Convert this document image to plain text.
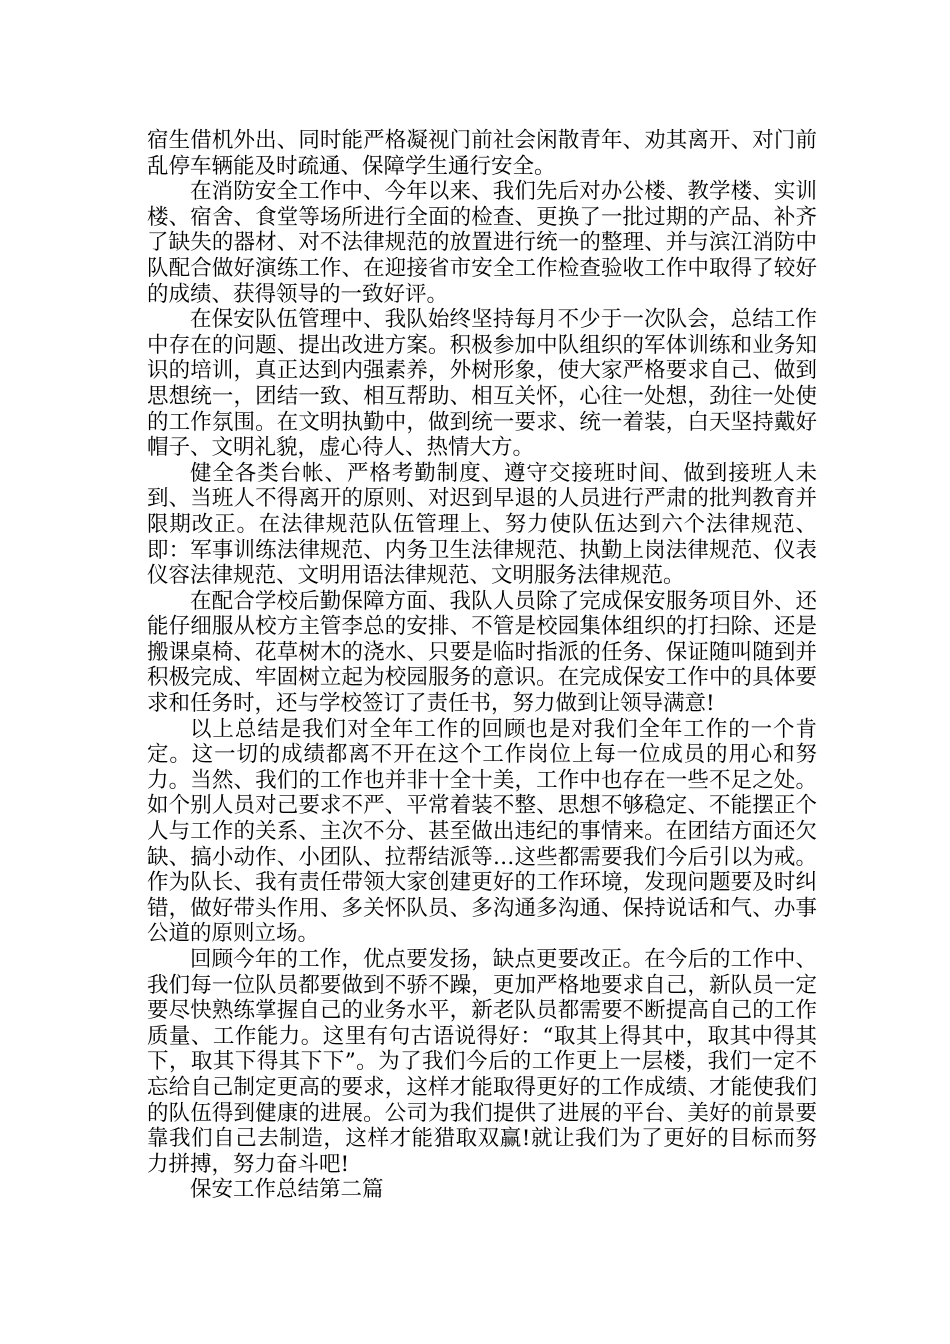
宿生借机外出、同时能严格凝视门前社会闲散青年、劝其离开、对门前乱停车辆能及时疏通、保障学生通行安全。

在消防安全工作中、今年以来、我们先后对办公楼、教学楼、实训楼、宿舍、食堂等场所进行全面的检查、更换了一批过期的产品、补齐了缺失的器材、对不法律规范的放置进行统一的整理、并与滨江消防中队配合做好演练工作、在迎接省市安全工作检查验收工作中取得了较好的成绩、获得领导的一致好评。

在保安队伍管理中、我队始终坚持每月不少于一次队会，总结工作中存在的问题、提出改进方案。积极参加中队组织的军体训练和业务知识的培训，真正达到内强素养，外树形象，使大家严格要求自己、做到思想统一，团结一致、相互帮助、相互关怀，心往一处想，劲往一处使的工作氛围。在文明执勤中，做到统一要求、统一着装，白天坚持戴好帽子、文明礼貌，虚心待人、热情大方。

健全各类台帐、严格考勤制度、遵守交接班时间、做到接班人未到、当班人不得离开的原则、对迟到早退的人员进行严肃的批判教育并限期改正。在法律规范队伍管理上、努力使队伍达到六个法律规范、即：军事训练法律规范、内务卫生法律规范、执勤上岗法律规范、仪表仪容法律规范、文明用语法律规范、文明服务法律规范。

在配合学校后勤保障方面、我队人员除了完成保安服务项目外、还能仔细服从校方主管李总的安排、不管是校园集体组织的打扫除、还是搬课桌椅、花草树木的浇水、只要是临时指派的任务、保证随叫随到并积极完成、牢固树立起为校园服务的意识。在完成保安工作中的具体要求和任务时，还与学校签订了责任书，努力做到让领导满意!

以上总结是我们对全年工作的回顾也是对我们全年工作的一个肯定。这一切的成绩都离不开在这个工作岗位上每一位成员的用心和努力。当然、我们的工作也并非十全十美，工作中也存在一些不足之处。如个别人员对己要求不严、平常着装不整、思想不够稳定、不能摆正个人与工作的关系、主次不分、甚至做出违纪的事情来。在团结方面还欠缺、搞小动作、小团队、拉帮结派等…这些都需要我们今后引以为戒。作为队长、我有责任带领大家创建更好的工作环境，发现问题要及时纠错，做好带头作用、多关怀队员、多沟通多沟通、保持说话和气、办事公道的原则立场。

回顾今年的工作，优点要发扬，缺点更要改正。在今后的工作中、我们每一位队员都要做到不骄不躁，更加严格地要求自己，新队员一定要尽快熟练掌握自己的业务水平，新老队员都需要不断提高自己的工作质量、工作能力。这里有句古语说得好：“取其上得其中，取其中得其下，取其下得其下下”。为了我们今后的工作更上一层楼，我们一定不忘给自己制定更高的要求，这样才能取得更好的工作成绩、才能使我们的队伍得到健康的进展。公司为我们提供了进展的平台、美好的前景要靠我们自己去制造，这样才能猎取双赢!就让我们为了更好的目标而努力拼搏，努力奋斗吧!

保安工作总结第二篇
